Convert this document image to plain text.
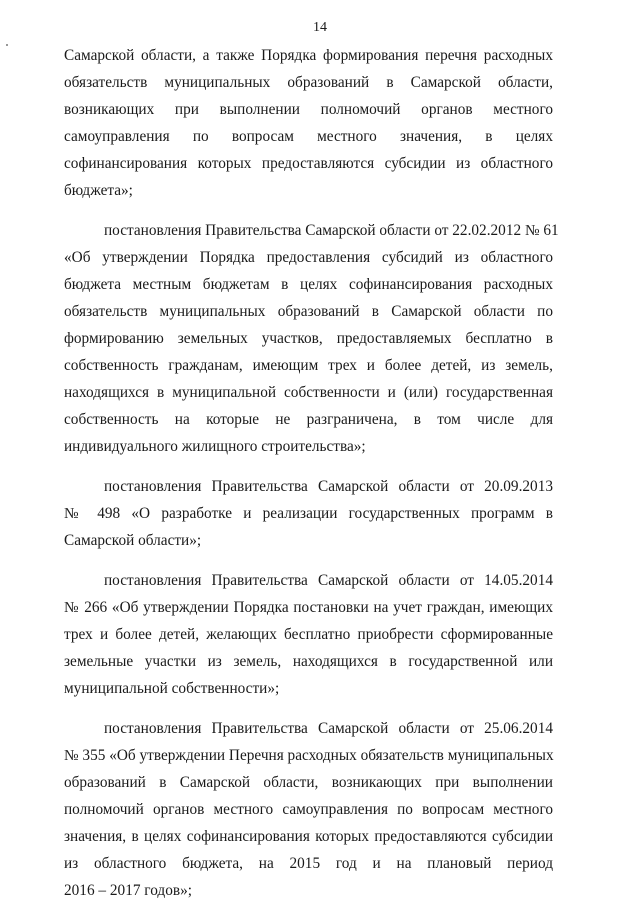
14
Самарской области, а также Порядка формирования перечня расходных
обязательств муниципальных образований в Самарской области,
возникающих при выполнении полномочий органов местного
самоуправления по вопросам местного значения, в целях
софинансирования которых предоставляются субсидии из областного
бюджета»;
постановления Правительства Самарской области от 22.02.2012 № 61
«Об утверждении Порядка предоставления субсидий из областного
бюджета местным бюджетам в целях софинансирования расходных
обязательств муниципальных образований в Самарской области по
формированию земельных участков, предоставляемых бесплатно в
собственность гражданам, имеющим трех и более детей, из земель,
находящихся в муниципальной собственности и (или) государственная
собственность на которые не разграничена, в том числе для
индивидуального жилищного строительства»;
постановления Правительства Самарской области от 20.09.2013
№ 498 «О разработке и реализации государственных программ в
Самарской области»;
постановления Правительства Самарской области от 14.05.2014
№ 266 «Об утверждении Порядка постановки на учет граждан, имеющих
трех и более детей, желающих бесплатно приобрести сформированные
земельные участки из земель, находящихся в государственной или
муниципальной собственности»;
постановления Правительства Самарской области от 25.06.2014
№ 355 «Об утверждении Перечня расходных обязательств муниципальных
образований в Самарской области, возникающих при выполнении
полномочий органов местного самоуправления по вопросам местного
значения, в целях софинансирования которых предоставляются субсидии
из областного бюджета, на 2015 год и на плановый период
2016 – 2017 годов»;
